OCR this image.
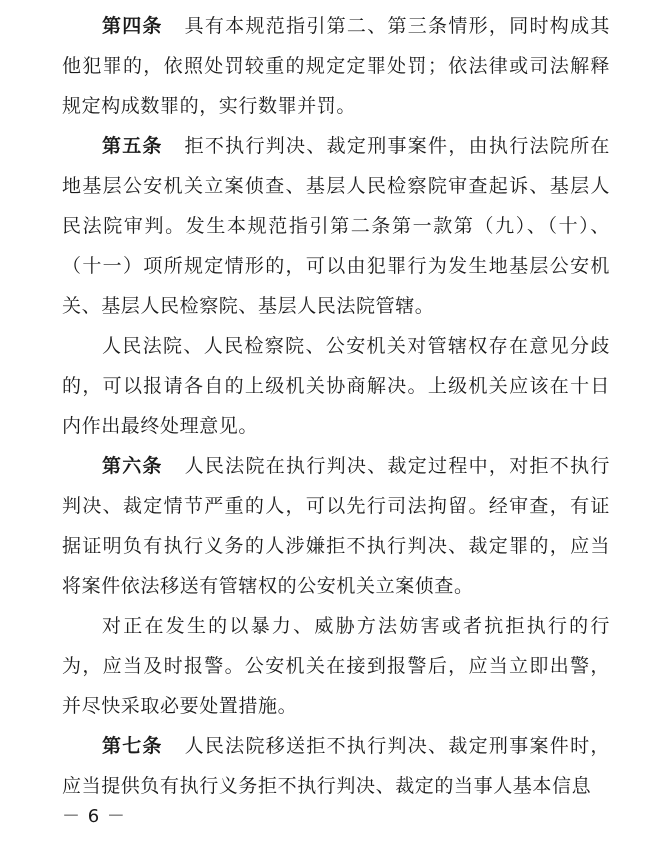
第四条 具有本规范指引第二、第三条情形，同时构成其他犯罪的，依照处罚较重的规定定罪处罚；依法律或司法解释规定构成数罪的，实行数罪并罚。

第五条 拒不执行判决、裁定刑事案件，由执行法院所在地基层公安机关立案侦查、基层人民检察院审查起诉、基层人民法院审判。发生本规范指引第二条第一款第（九）、（十）、（十一）项所规定情形的，可以由犯罪行为发生地基层公安机关、基层人民检察院、基层人民法院管辖。

人民法院、人民检察院、公安机关对管辖权存在意见分歧的，可以报请各自的上级机关协商解决。上级机关应该在十日内作出最终处理意见。

第六条 人民法院在执行判决、裁定过程中，对拒不执行判决、裁定情节严重的人，可以先行司法拘留。经审查，有证据证明负有执行义务的人涉嫌拒不执行判决、裁定罪的，应当将案件依法移送有管辖权的公安机关立案侦查。

对正在发生的以暴力、威胁方法妨害或者抗拒执行的行为，应当及时报警。公安机关在接到报警后，应当立即出警，并尽快采取必要处置措施。

第七条 人民法院移送拒不执行判决、裁定刑事案件时，应当提供负有执行义务拒不执行判决、裁定的当事人基本信息

－ 6 －
